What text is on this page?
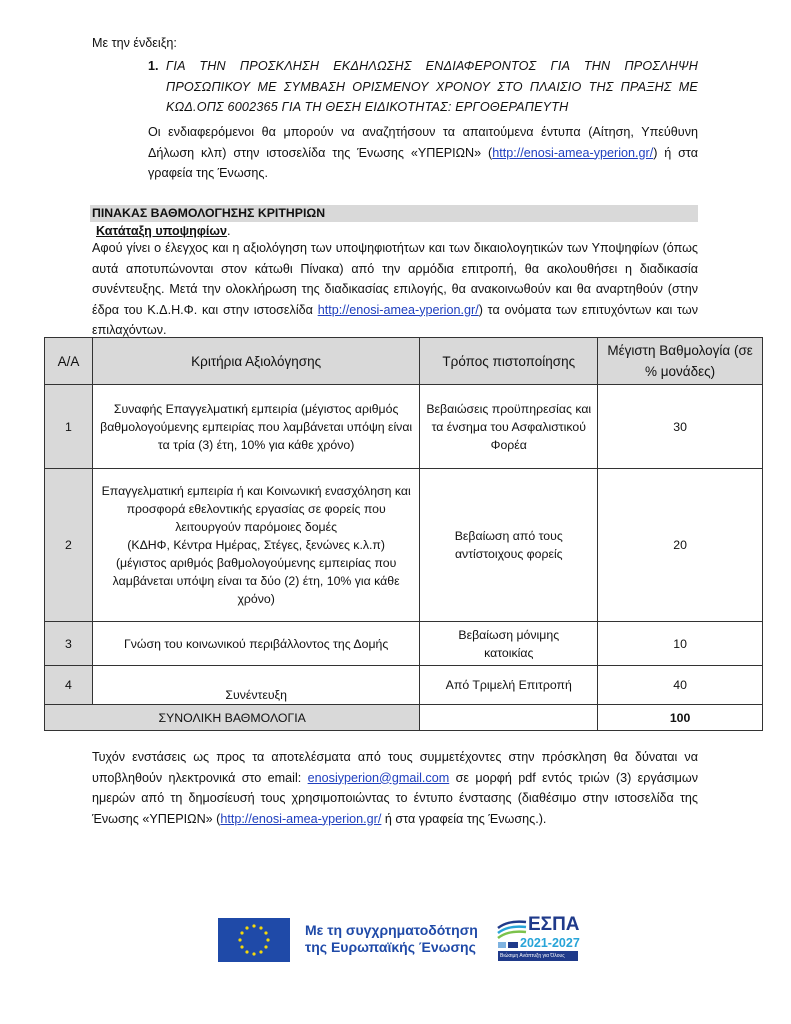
Με την ένδειξη:
1. ΓΙΑ ΤΗΝ ΠΡΟΣΚΛΗΣΗ ΕΚΔΗΛΩΣΗΣ ΕΝΔΙΑΦΕΡΟΝΤΟΣ ΓΙΑ ΤΗΝ ΠΡΟΣΛΗΨΗ ΠΡΟΣΩΠΙΚΟΥ ΜΕ ΣΥΜΒΑΣΗ ΟΡΙΣΜΕΝΟΥ ΧΡΟΝΟΥ ΣΤΟ ΠΛΑΙΣΙΟ ΤΗΣ ΠΡΑΞΗΣ ΜΕ ΚΩΔ.ΟΠΣ 6002365 ΓΙΑ ΤΗ ΘΕΣΗ ΕΙΔΙΚΟΤΗΤΑΣ: ΕΡΓΟΘΕΡΑΠΕΥΤΗ
Οι ενδιαφερόμενοι θα μπορούν να αναζητήσουν τα απαιτούμενα έντυπα (Αίτηση, Υπεύθυνη Δήλωση κλπ) στην ιστοσελίδα της Ένωσης «ΥΠΕΡΙΩΝ» (http://enosi-amea-yperion.gr/) ή στα γραφεία της Ένωσης.
ΠΙΝΑΚΑΣ ΒΑΘΜΟΛΟΓΗΣΗΣ ΚΡΙΤΗΡΙΩΝ
Κατάταξη υποψηφίων.
Αφού γίνει ο έλεγχος και η αξιολόγηση των υποψηφιοτήτων και των δικαιολογητικών των Υποψηφίων (όπως αυτά αποτυπώνονται στον κάτωθι Πίνακα) από την αρμόδια επιτροπή, θα ακολουθήσει η διαδικασία συνέντευξης. Μετά την ολοκλήρωση της διαδικασίας επιλογής, θα ανακοινωθούν και θα αναρτηθούν (στην έδρα του Κ.Δ.Η.Φ. και στην ιστοσελίδα http://enosi-amea-yperion.gr/) τα ονόματα των επιτυχόντων και των επιλαχόντων.
Α/Α	Κριτήρια Αξιολόγησης	Τρόπος πιστοποίησης	Μέγιστη Βαθμολογία (σε % μονάδες)
1	Συναφής Επαγγελματική εμπειρία (μέγιστος αριθμός βαθμολογούμενης εμπειρίας που λαμβάνεται υπόψη είναι τα τρία (3) έτη, 10% για κάθε χρόνο)	Βεβαιώσεις προϋπηρεσίας και τα ένσημα του Ασφαλιστικού Φορέα	30
2	Επαγγελματική εμπειρία ή και Κοινωνική ενασχόληση και προσφορά εθελοντικής εργασίας σε φορείς που λειτουργούν παρόμοιες δομές
(ΚΔΗΦ, Κέντρα Ημέρας, Στέγες, ξενώνες κ.λ.π)
(μέγιστος αριθμός βαθμολογούμενης εμπειρίας που λαμβάνεται υπόψη είναι τα δύο (2) έτη, 10% για κάθε χρόνο)	Βεβαίωση από τους αντίστοιχους φορείς	20
3	Γνώση του κοινωνικού περιβάλλοντος της Δομής	Βεβαίωση μόνιμης κατοικίας	10
4	Συνέντευξη	Από Τριμελή Επιτροπή	40
ΣΥΝΟΛΙΚΗ ΒΑΘΜΟΛΟΓΙΑ			100
Τυχόν ενστάσεις ως προς τα αποτελέσματα από τους συμμετέχοντες στην πρόσκληση θα δύναται να υποβληθούν ηλεκτρονικά στο email: enosiyperion@gmail.com σε μορφή pdf εντός τριών (3) εργάσιμων ημερών από τη δημοσίευσή τους χρησιμοποιώντας το έντυπο ένστασης (διαθέσιμο στην ιστοσελίδα της Ένωσης «ΥΠΕΡΙΩΝ» (http://enosi-amea-yperion.gr/ ή στα γραφεία της Ένωσης.).
Με τη συγχρηματοδότηση
της Ευρωπαϊκής Ένωσης
ΕΣΠΑ
2021-2027
Βιώσιμη Ανάπτυξη για Όλους
